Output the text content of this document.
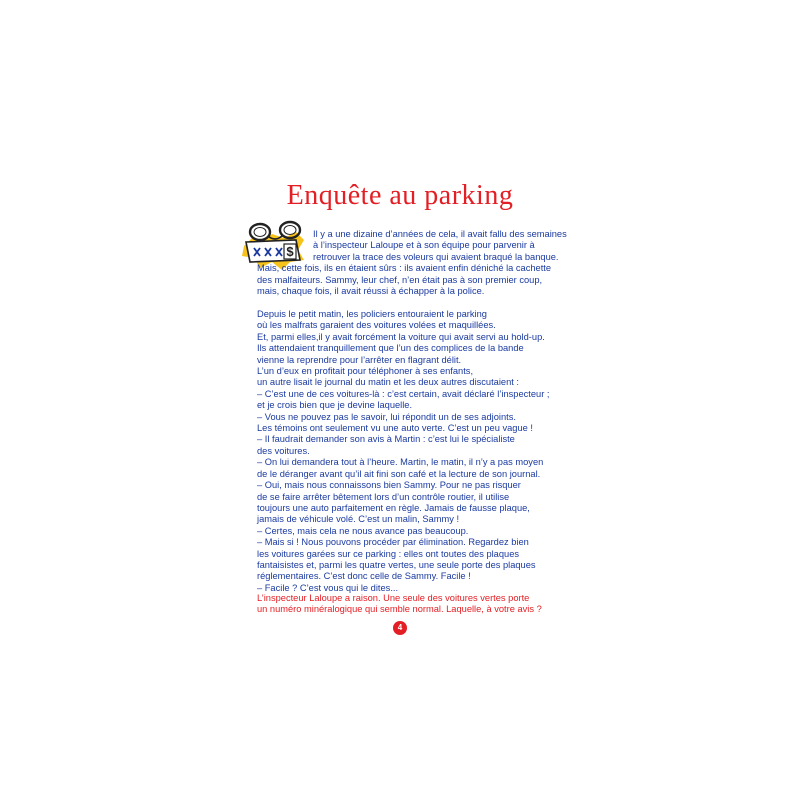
Enquête au parking
$
Il y a une dizaine d’années de cela, il avait fallu des semaines
à l’inspecteur Laloupe et à son équipe pour parvenir à
retrouver la trace des voleurs qui avaient braqué la banque.
Mais, cette fois, ils en étaient sûrs : ils avaient enfin déniché la cachette
des malfaiteurs. Sammy, leur chef, n’en était pas à son premier coup,
mais, chaque fois, il avait réussi à échapper à la police.
Depuis le petit matin, les policiers entouraient le parking
où les malfrats garaient des voitures volées et maquillées.
Et, parmi elles,il y avait forcément la voiture qui avait servi au hold-up.
Ils attendaient tranquillement que l’un des complices de la bande
vienne la reprendre pour l’arrêter en flagrant délit.
L’un d’eux en profitait pour téléphoner à ses enfants,
un autre lisait le journal du matin et les deux autres discutaient :
– C’est une de ces voitures-là : c’est certain, avait déclaré l’inspecteur ;
et je crois bien que je devine laquelle.
– Vous ne pouvez pas le savoir, lui répondit un de ses adjoints.
Les témoins ont seulement vu une auto verte. C’est un peu vague !
– Il faudrait demander son avis à Martin : c’est lui le spécialiste
des voitures.
– On lui demandera tout à l’heure. Martin, le matin, il n’y a pas moyen
de le déranger avant qu’il ait fini son café et la lecture de son journal.
– Oui, mais nous connaissons bien Sammy. Pour ne pas risquer
de se faire arrêter bêtement lors d’un contrôle routier, il utilise
toujours une auto parfaitement en règle. Jamais de fausse plaque,
jamais de véhicule volé. C’est un malin, Sammy !
– Certes, mais cela ne nous avance pas beaucoup.
– Mais si ! Nous pouvons procéder par élimination. Regardez bien
les voitures garées sur ce parking : elles ont toutes des plaques
fantaisistes et, parmi les quatre vertes, une seule porte des plaques
réglementaires. C’est donc celle de Sammy. Facile !
– Facile ? C’est vous qui le dites...
L’inspecteur Laloupe a raison. Une seule des voitures vertes porte
un numéro minéralogique qui semble normal. Laquelle, à votre avis ?
4
